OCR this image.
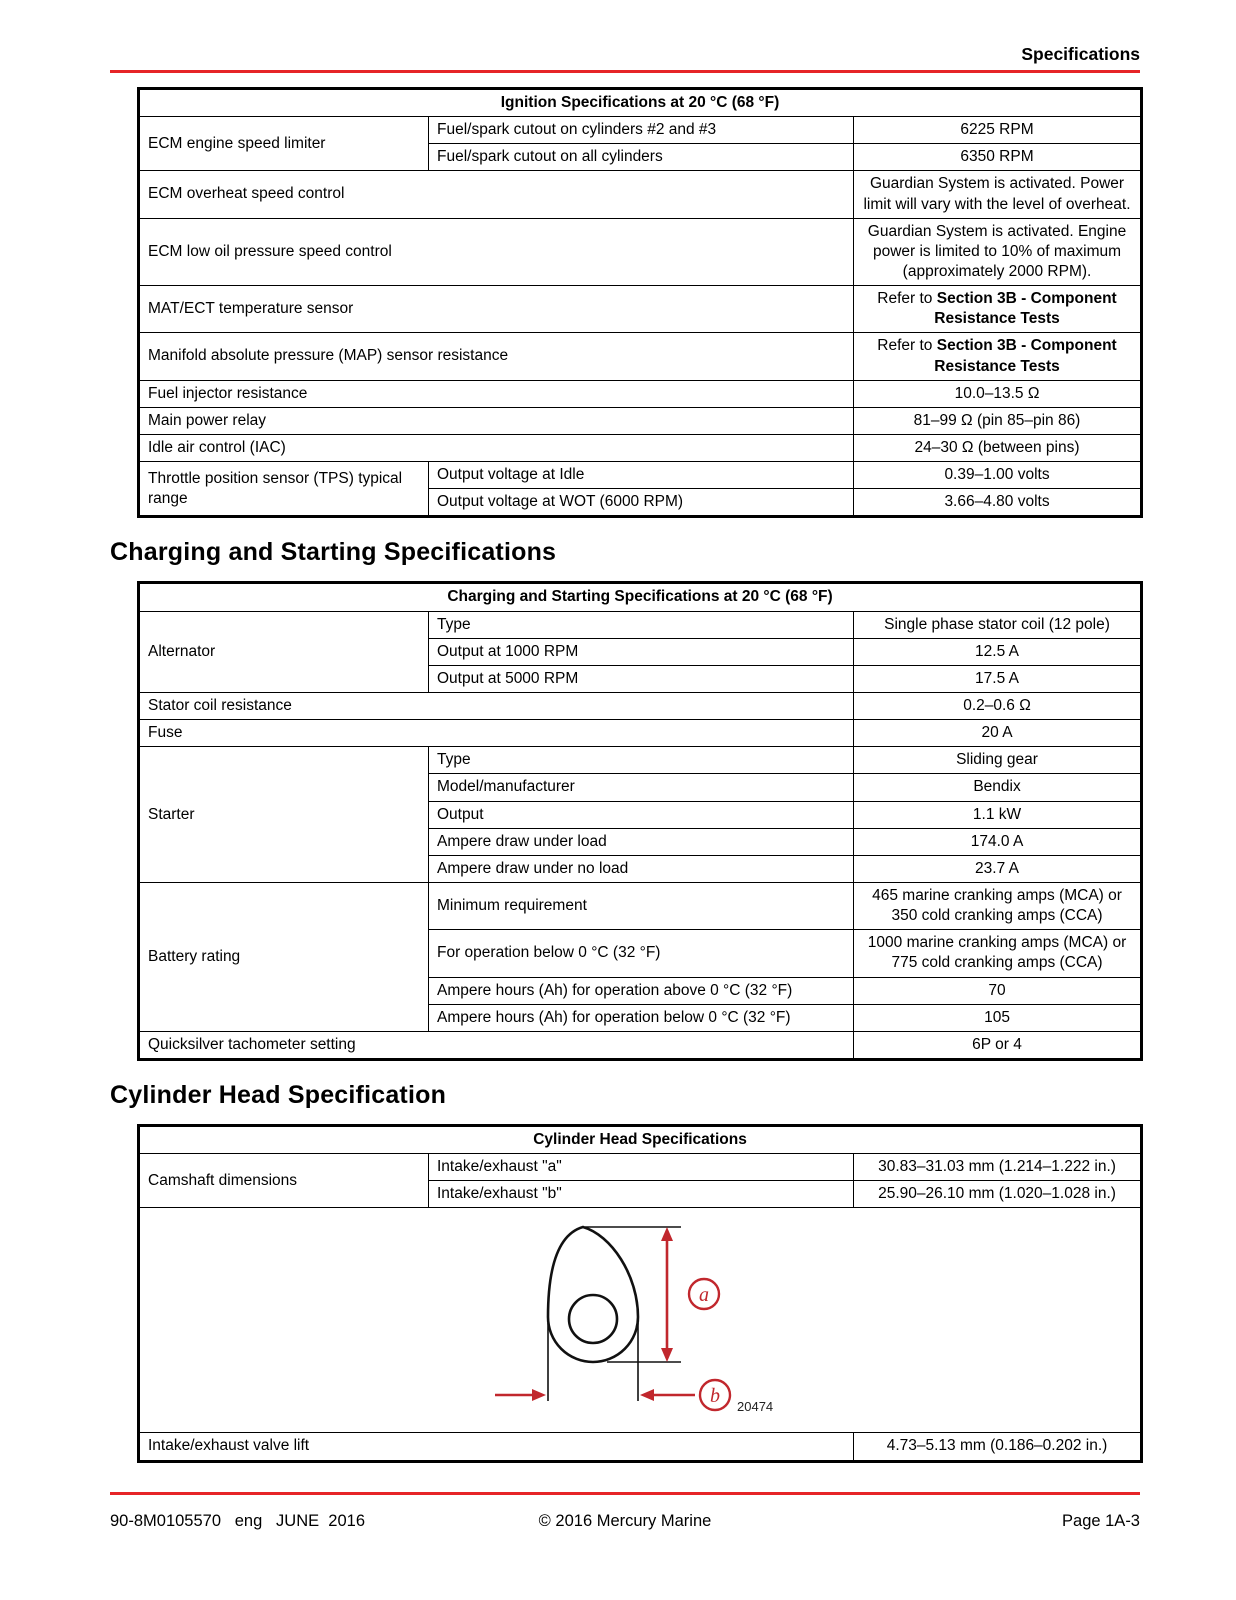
Specifications
Ignition Specifications at 20 °C (68 °F)		
ECM engine speed limiter	Fuel/spark cutout on cylinders #2 and #3	6225 RPM
	Fuel/spark cutout on all cylinders	6350 RPM
ECM overheat speed control		Guardian System is activated. Power limit will vary with the level of overheat.
ECM low oil pressure speed control		Guardian System is activated. Engine power is limited to 10% of maximum (approximately 2000 RPM).
MAT/ECT temperature sensor		Refer to Section 3B - Component Resistance Tests
Manifold absolute pressure (MAP) sensor resistance		Refer to Section 3B - Component Resistance Tests
Fuel injector resistance		10.0–13.5 Ω
Main power relay		81–99 Ω (pin 85–pin 86)
Idle air control (IAC)		24–30 Ω (between pins)
Throttle position sensor (TPS) typical range	Output voltage at Idle	0.39–1.00 volts
	Output voltage at WOT (6000 RPM)	3.66–4.80 volts
Charging and Starting Specifications
Charging and Starting Specifications at 20 °C (68 °F)		
Alternator	Type	Single phase stator coil (12 pole)
	Output at 1000 RPM	12.5 A
	Output at 5000 RPM	17.5 A
Stator coil resistance		0.2–0.6 Ω
Fuse		20 A
Starter	Type	Sliding gear
	Model/manufacturer	Bendix
	Output	1.1 kW
	Ampere draw under load	174.0 A
	Ampere draw under no load	23.7 A
Battery rating	Minimum requirement	465 marine cranking amps (MCA) or 350 cold cranking amps (CCA)
	For operation below 0 °C (32 °F)	1000 marine cranking amps (MCA) or 775 cold cranking amps (CCA)
	Ampere hours (Ah) for operation above 0 °C (32 °F)	70
	Ampere hours (Ah) for operation below 0 °C (32 °F)	105
Quicksilver tachometer setting		6P or 4
Cylinder Head Specification
Cylinder Head Specifications		
Camshaft dimensions	Intake/exhaust "a"	30.83–31.03 mm (1.214–1.222 in.)
	Intake/exhaust "b"	25.90–26.10 mm (1.020–1.028 in.)

a
b 20474		

Intake/exhaust valve lift		4.73–5.13 mm (0.186–0.202 in.)
90-8M0105570   eng   JUNE  2016	© 2016 Mercury Marine	Page 1A-3
